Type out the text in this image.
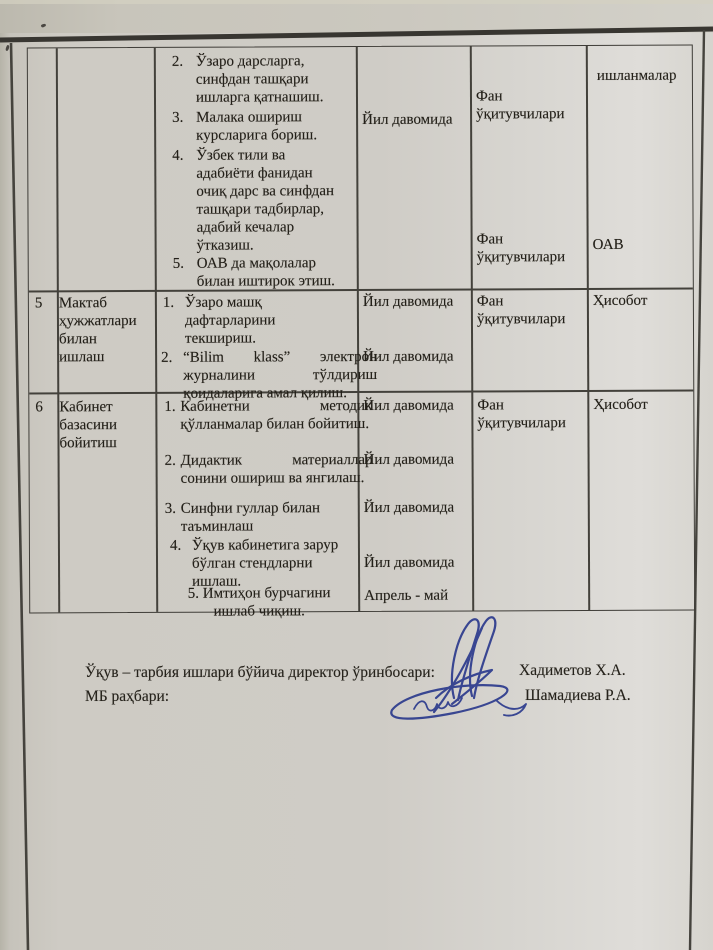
2. Ўзаро дарсларга,
синфдан ташқари
ишларга қатнашиш.
3. Малака ошириш
курсларига бориш.
4. Ўзбек тили ва
адабиёти фанидан
очиқ дарс ва синфдан
ташқари тадбирлар,
адабий кечалар
ўтказиш.
5. ОАВ да мақолалар
билан иштирок этиш.
Йил давомида
Фан
ўқитувчилари
Фан
ўқитувчилари
ишланмалар
ОАВ
5 Мактаб
ҳужжатлари
билан
ишлаш
1. Ўзаро машқ
дафтарларини
текшириш.
2. “Bilim klass” электрон журналини тўлдириш қоидаларига амал қилиш.
Йил давомида
Йил давомида
Фан
ўқитувчилари
Ҳисобот
6 Кабинет
базасини
бойитиш
1. Кабинетни методик қўлланмалар билан бойитиш.
2. Дидактик материаллар сонини ошириш ва янгилаш.
3. Синфни гуллар билан
таъминлаш
4. Ўқув кабинетига зарур
бўлган стендларни
ишлаш.
5. Имтиҳон бурчагини
ишлаб чиқиш.
Йил давомида
Йил давомида
Йил давомида
Йил давомида
Апрель - май
Фан
ўқитувчилари
Ҳисобот
Ўқув – тарбия ишлари бўйича директор ўринбосари:
МБ раҳбари:
Хадиметов Х.А.
Шамадиева Р.А.
